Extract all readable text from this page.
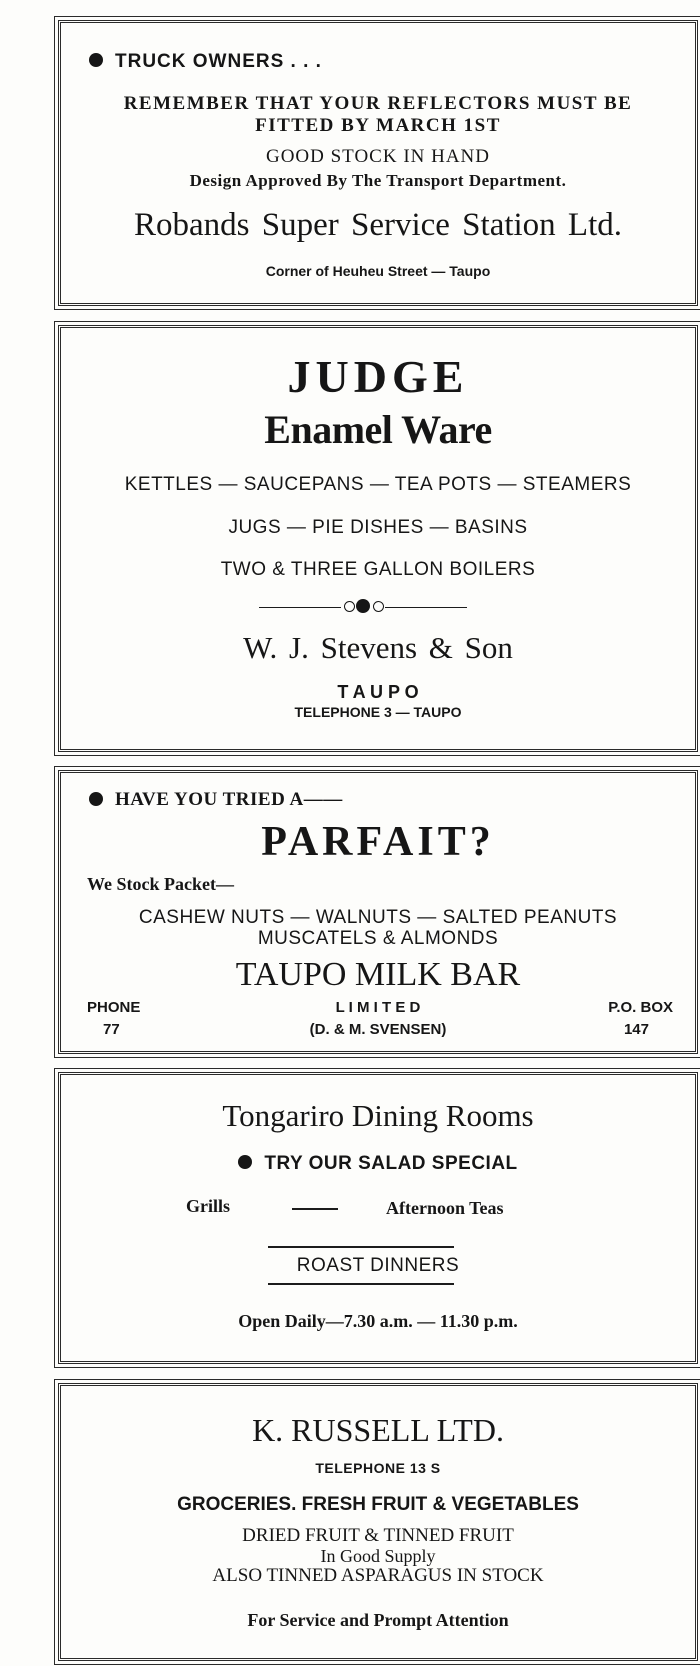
TRUCK OWNERS . . .
REMEMBER THAT YOUR REFLECTORS MUST BE
FITTED BY MARCH 1ST
GOOD STOCK IN HAND
Design Approved By The Transport Department.
Robands Super Service Station Ltd.
Corner of Heuheu Street — Taupo
JUDGE
Enamel Ware
KETTLES — SAUCEPANS — TEA POTS — STEAMERS
JUGS — PIE DISHES — BASINS
TWO & THREE GALLON BOILERS
W. J. Stevens & Son
T A U P O
TELEPHONE 3 — TAUPO
HAVE YOU TRIED A——
PARFAIT?
We Stock Packet—
CASHEW NUTS — WALNUTS — SALTED PEANUTS
MUSCATELS & ALMONDS
TAUPO MILK BAR
PHONE
77
L I M I T E D
(D. & M. SVENSEN)
P.O. BOX
147
Tongariro Dining Rooms
TRY OUR SALAD SPECIAL
Grills	Afternoon Teas
ROAST DINNERS
Open Daily—7.30 a.m. — 11.30 p.m.
K. RUSSELL LTD.
TELEPHONE 13 S
GROCERIES. FRESH FRUIT & VEGETABLES
DRIED FRUIT & TINNED FRUIT
In Good Supply
ALSO TINNED ASPARAGUS IN STOCK
For Service and Prompt Attention
